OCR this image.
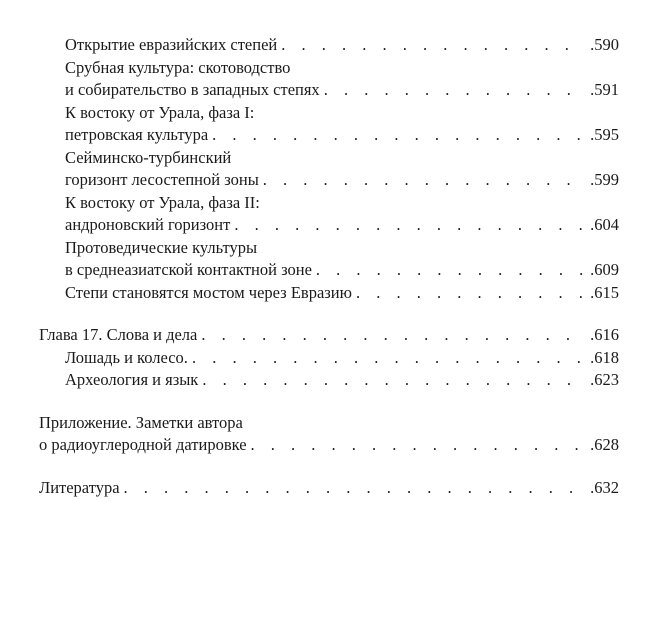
Открытие евразийских степей . . .	.590
Срубная культура: скотоводство
и собирательство в западных степях . . .	.591
К востоку от Урала, фаза I:
петровская культура . . .	.595
Сейминско-турбинский
горизонт лесостепной зоны . . .	.599
К востоку от Урала, фаза II:
андроновский горизонт . . .	.604
Протоведические культуры
в среднеазиатской контактной зоне . . .	.609
Степи становятся мостом через Евразию . . .	.615
Глава 17. Слова и дела . . .	.616
Лошадь и колесо. . . .	.618
Археология и язык . . .	.623
Приложение. Заметки автора
о радиоуглеродной датировке . . .	.628
Литература . . .	.632
